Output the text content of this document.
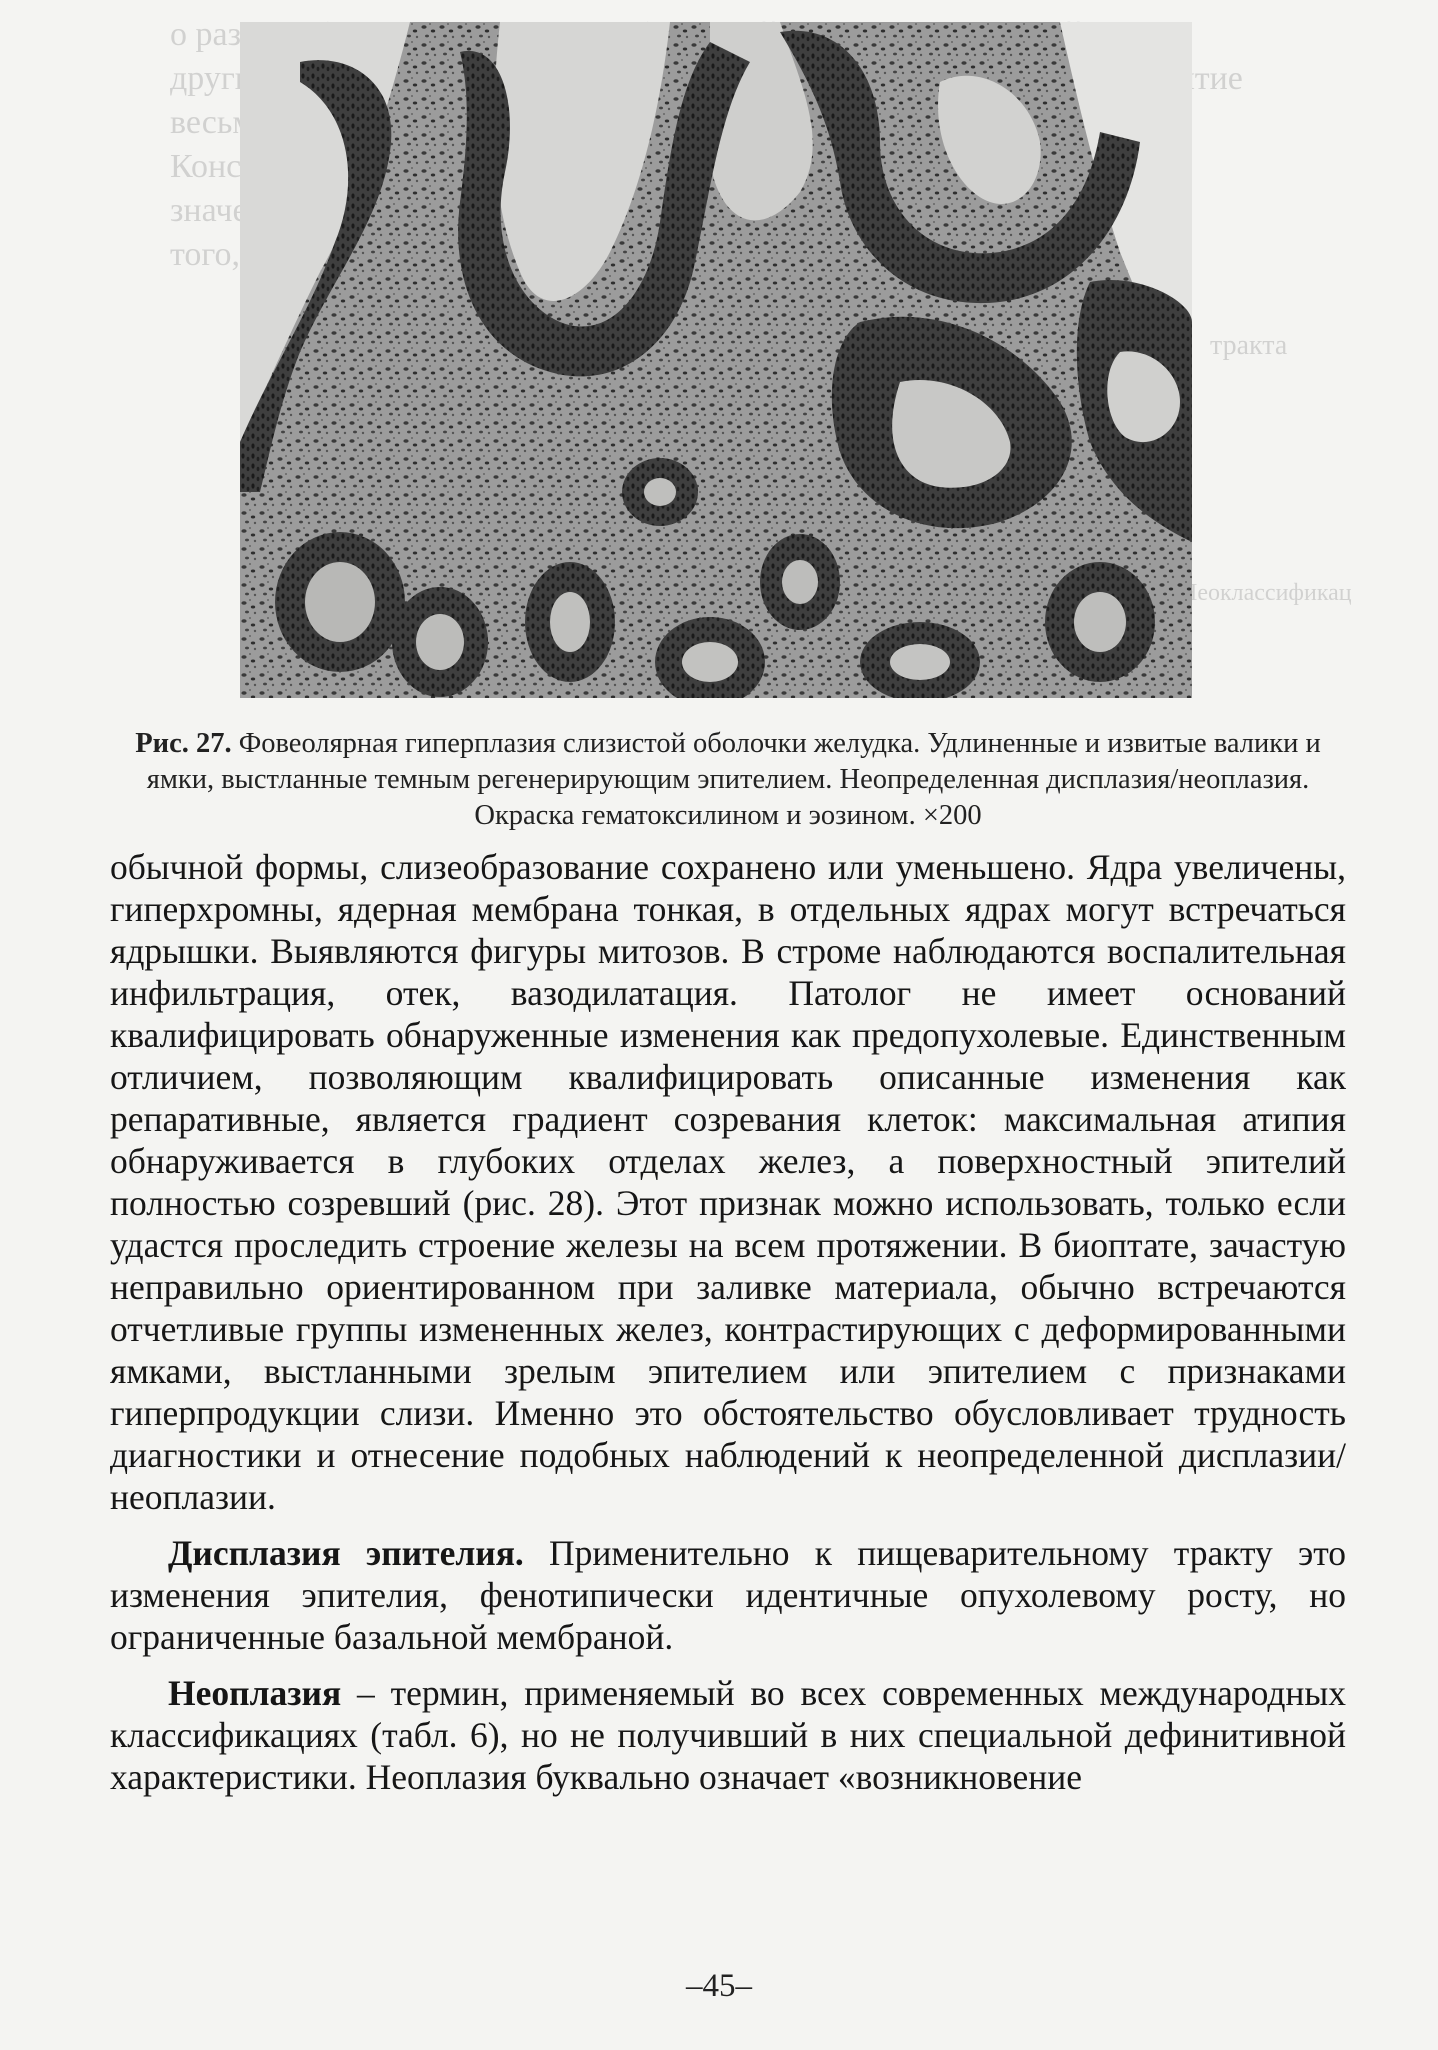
о
других
весьма
того,
тракта
Неоклассификац
Рис. 27. Фовеолярная гиперплазия слизистой оболочки желудка. Удлиненные и извитые валики и ямки, выстланные темным регенерирующим эпителием. Неопределенная дисплазия/неоплазия. Окраска гематоксилином и эозином. ×200

обычной формы, слизеобразование сохранено или уменьшено. Ядра увеличены, гиперхромны, ядерная мембрана тонкая, в отдельных ядрах могут встречаться ядрышки. Выявляются фигуры митозов. В строме наблюдаются воспалительная инфильтрация, отек, вазодилатация. Патолог не имеет оснований квалифицировать обнаруженные изменения как предопухолевые. Единственным отличием, позволяющим квалифицировать описанные изменения как репаративные, является градиент созревания клеток: максимальная атипия обнаруживается в глубоких отделах желез, а поверхностный эпителий полностью созревший (рис. 28). Этот признак можно использовать, только если удастся проследить строение железы на всем протяжении. В биоптате, зачастую неправильно ориентированном при заливке материала, обычно встречаются отчетливые группы измененных желез, контрастирующих с деформированными ямками, выстланными зрелым эпителием или эпителием с признаками гиперпродукции слизи. Именно это обстоятельство обусловливает трудность диагностики и отнесение подобных наблюдений к неопределенной дисплазии/неоплазии.

Дисплазия эпителия. Применительно к пищеварительному тракту это изменения эпителия, фенотипически идентичные опухолевому росту, но ограниченные базальной мембраной.

Неоплазия – термин, применяемый во всех современных международных классификациях (табл. 6), но не получивший в них специальной дефинитивной характеристики. Неоплазия буквально означает «возникновение

–45–
